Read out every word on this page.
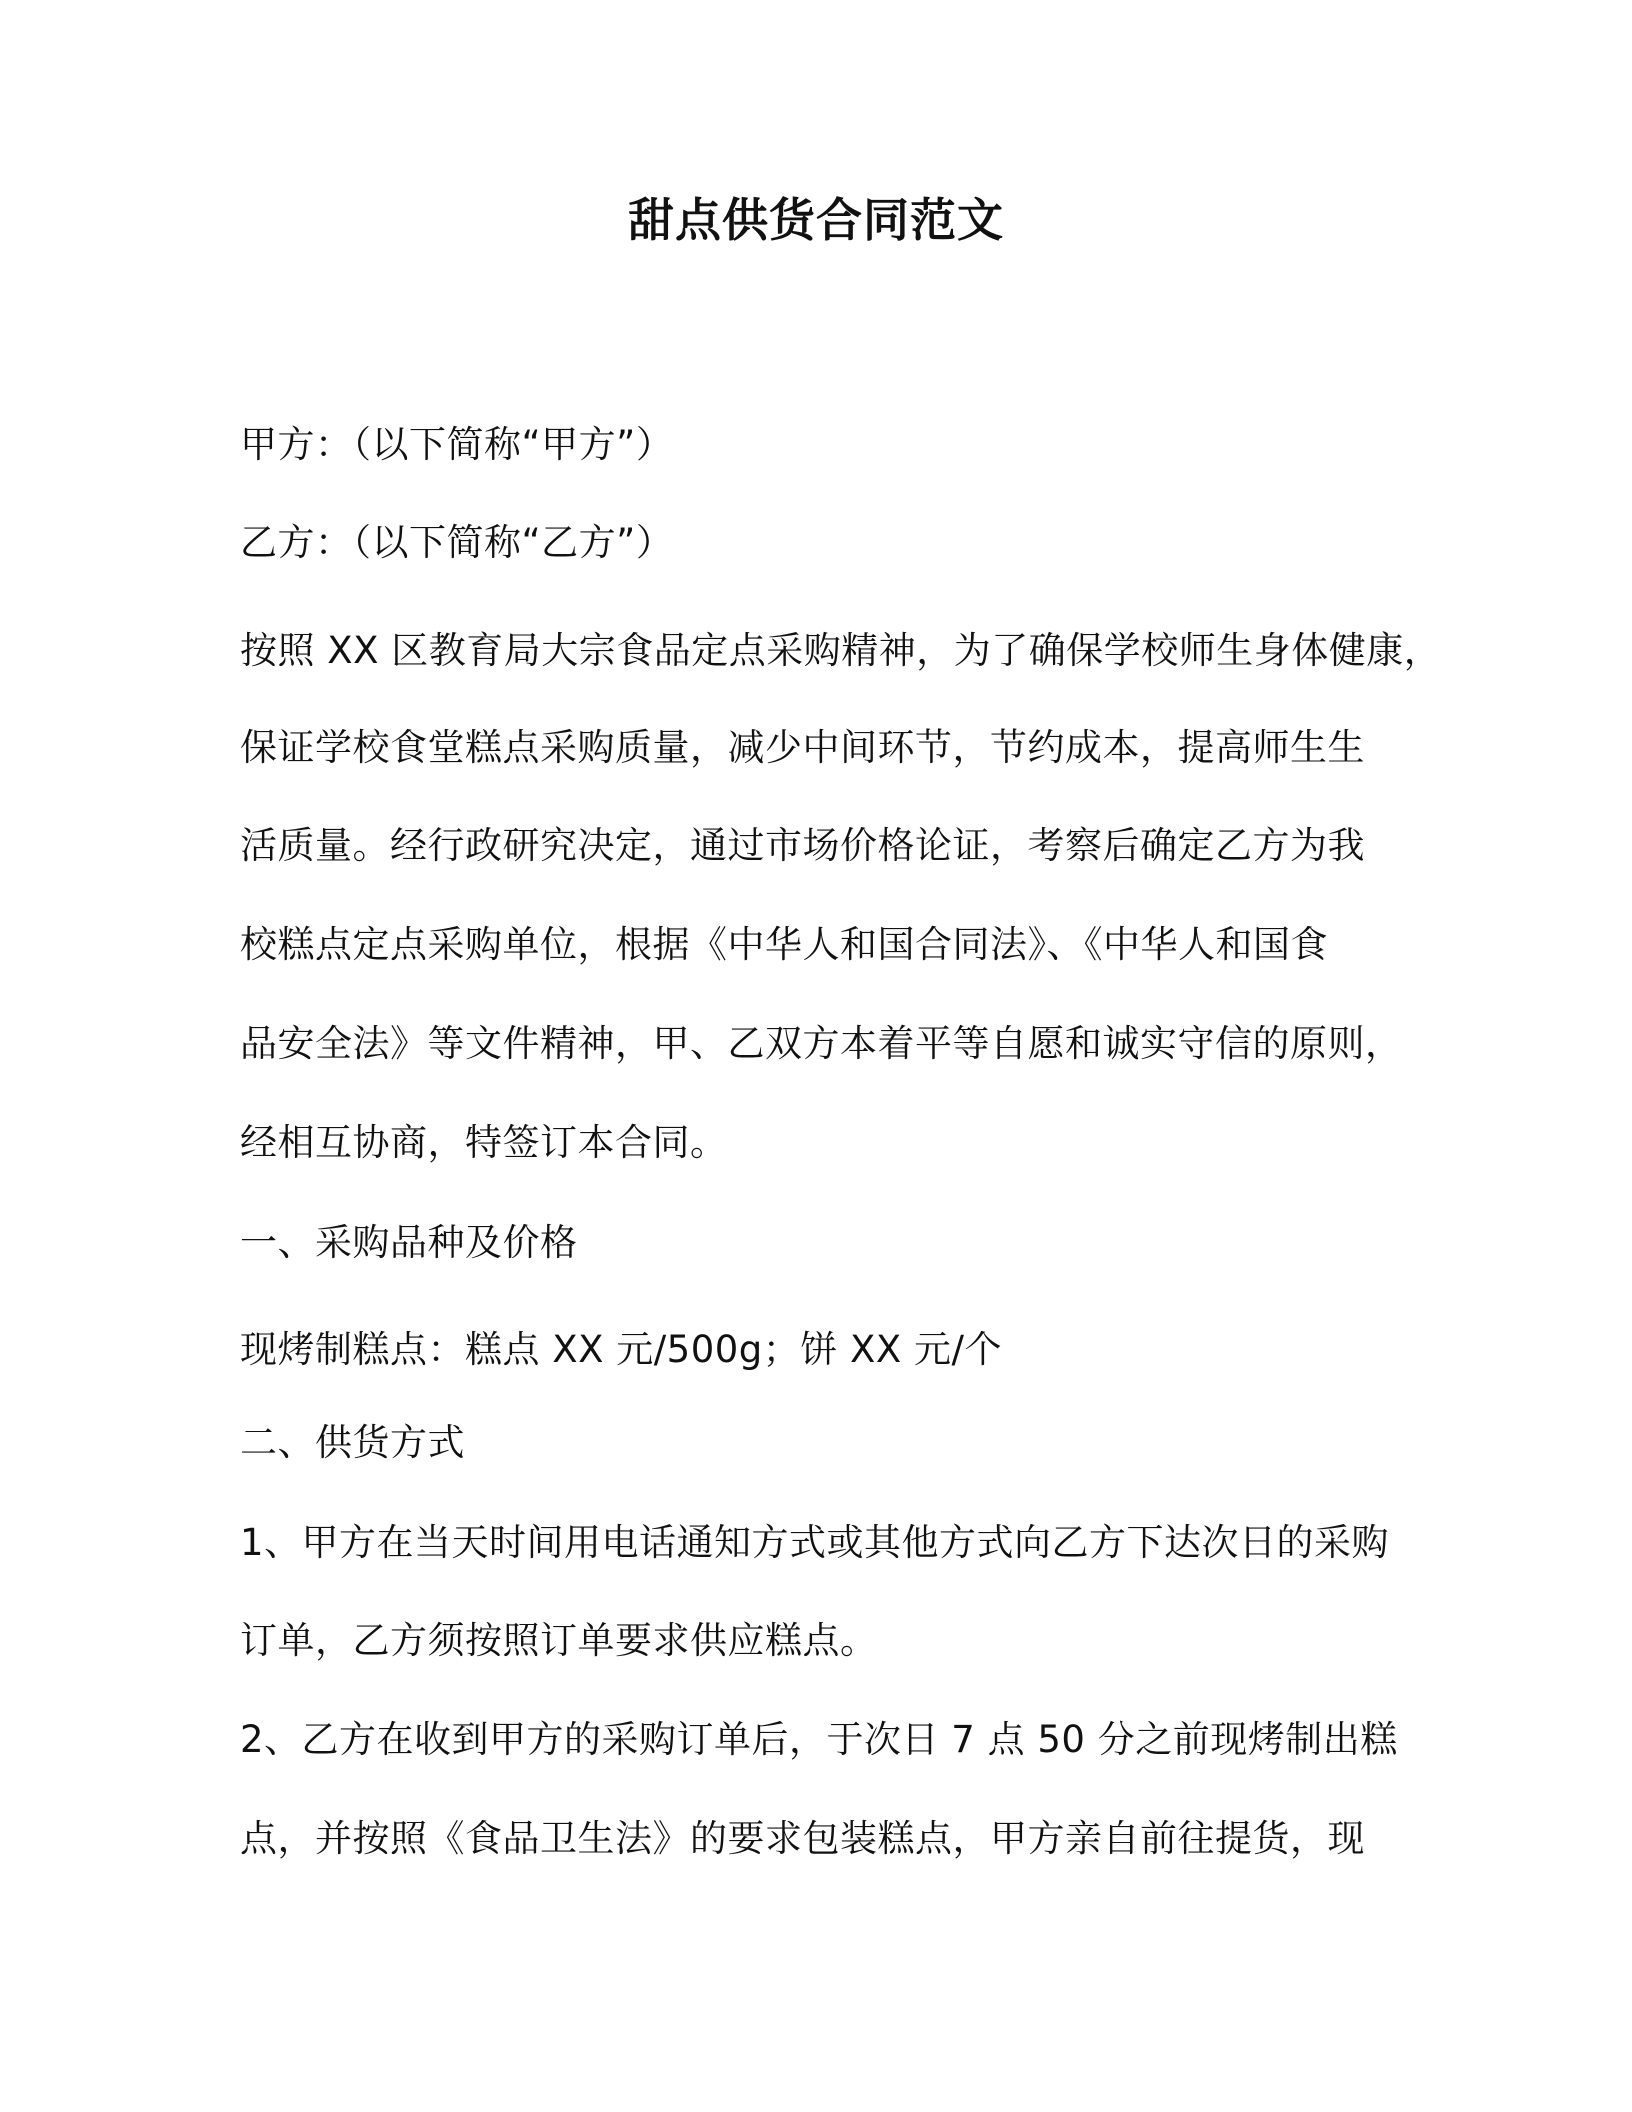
甜点供货合同范文
甲方：（以下简称“甲方”）
乙方：（以下简称“乙方”）
按照 XX 区教育局大宗食品定点采购精神，为了确保学校师生身体健康，
保证学校食堂糕点采购质量，减少中间环节，节约成本，提高师生生
活质量。经行政研究决定，通过市场价格论证，考察后确定乙方为我
校糕点定点采购单位，根据《中华人和国合同法》、《中华人和国食
品安全法》等文件精神，甲、乙双方本着平等自愿和诚实守信的原则，
经相互协商，特签订本合同。
一、采购品种及价格
现烤制糕点：糕点 XX 元/500g；饼 XX 元/个
二、供货方式
1、甲方在当天时间用电话通知方式或其他方式向乙方下达次日的采购
订单，乙方须按照订单要求供应糕点。
2、乙方在收到甲方的采购订单后，于次日 7 点 50 分之前现烤制出糕
点，并按照《食品卫生法》的要求包装糕点，甲方亲自前往提货，现
